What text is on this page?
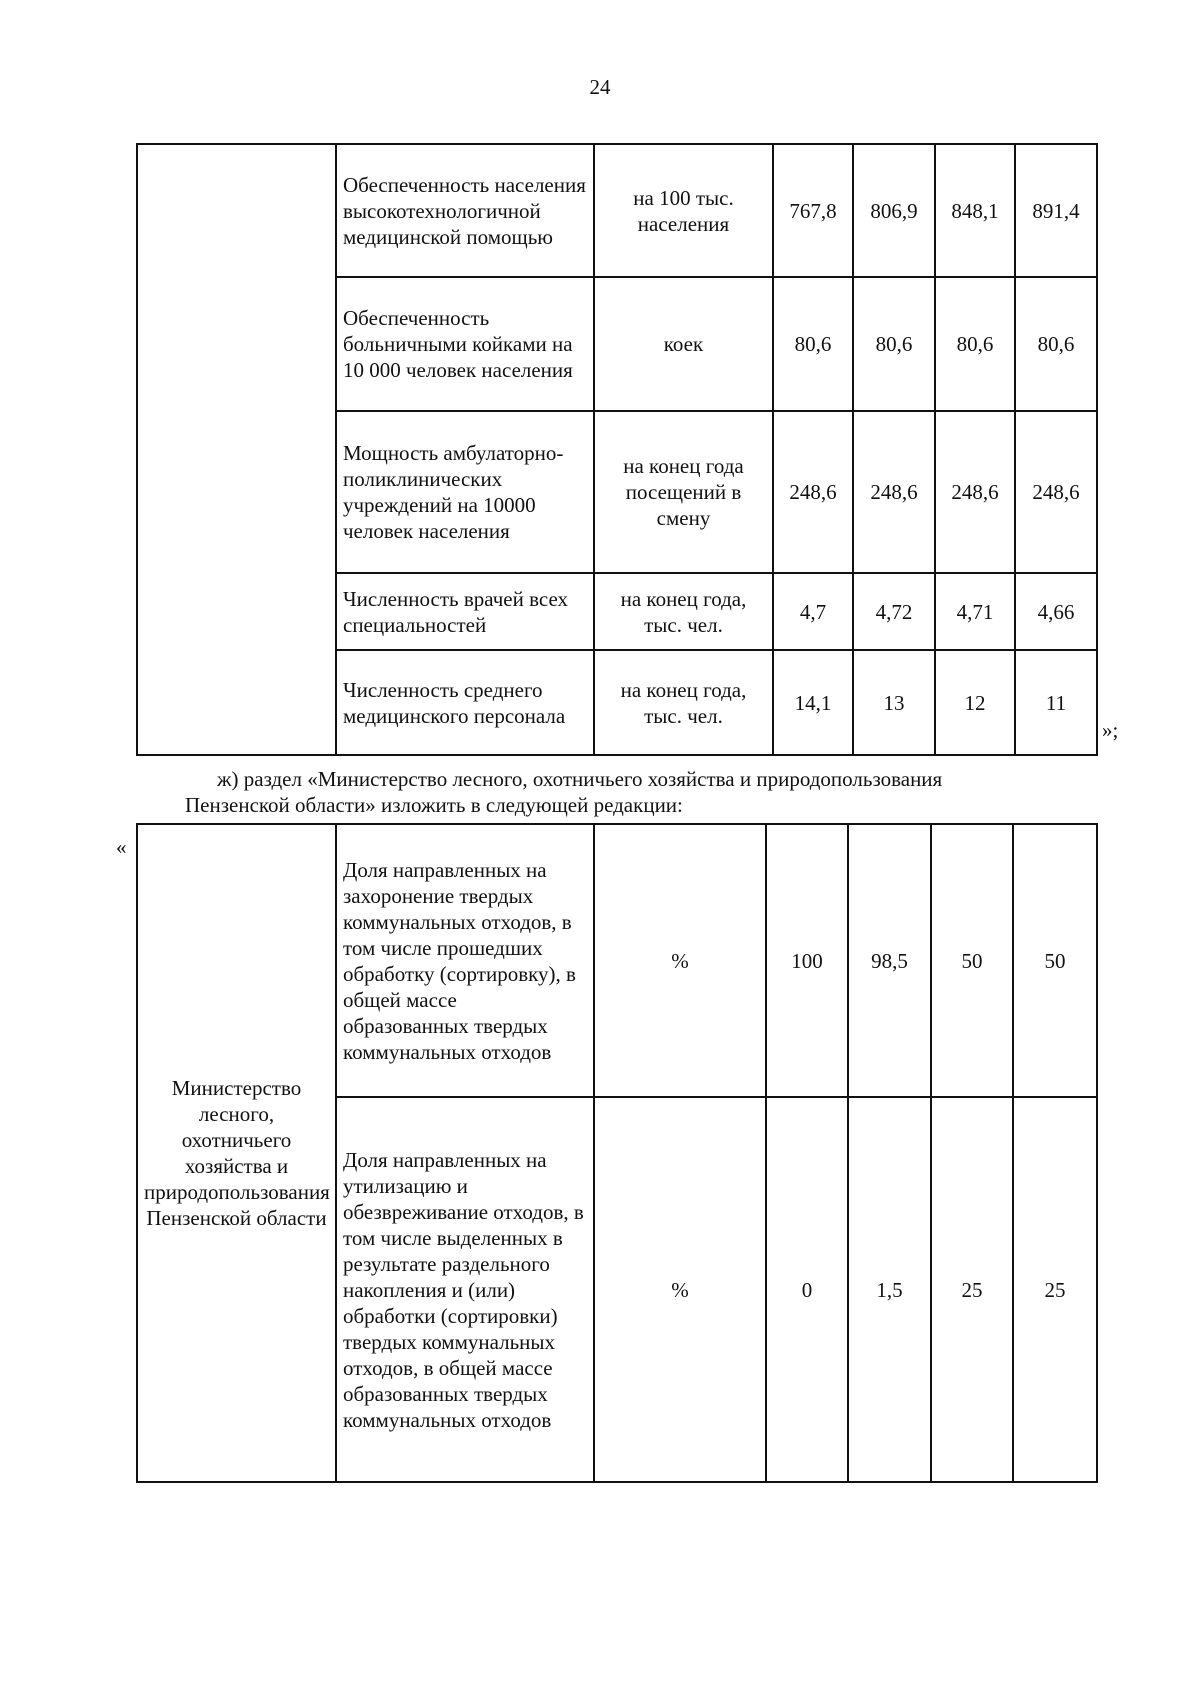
24
	Обеспеченность населения высокотехнологичной медицинской помощью	на 100 тыс. населения	767,8	806,9	848,1	891,4
	Обеспеченность больничными койками на 10 000 человек населения	коек	80,6	80,6	80,6	80,6
	Мощность амбулаторно-поликлинических учреждений на 10000 человек населения	на конец года посещений в смену	248,6	248,6	248,6	248,6
	Численность врачей всех специальностей	на конец года, тыс. чел.	4,7	4,72	4,71	4,66
	Численность среднего медицинского персонала	на конец года, тыс. чел.	14,1	13	12	11
»;
ж) раздел «Министерство лесного, охотничьего хозяйства и природопользования
Пензенской области» изложить в следующей редакции:
«
Министерство лесного, охотничьего хозяйства и природопользования Пензенской области	Доля направленных на захоронение твердых коммунальных отходов, в том числе прошедших обработку (сортировку), в общей массе образованных твердых коммунальных отходов	%	100	98,5	50	50
	Доля направленных на утилизацию и обезвреживание отходов, в том числе выделенных в результате раздельного накопления и (или) обработки (сортировки) твердых коммунальных отходов, в общей массе образованных твердых коммунальных отходов	%	0	1,5	25	25
